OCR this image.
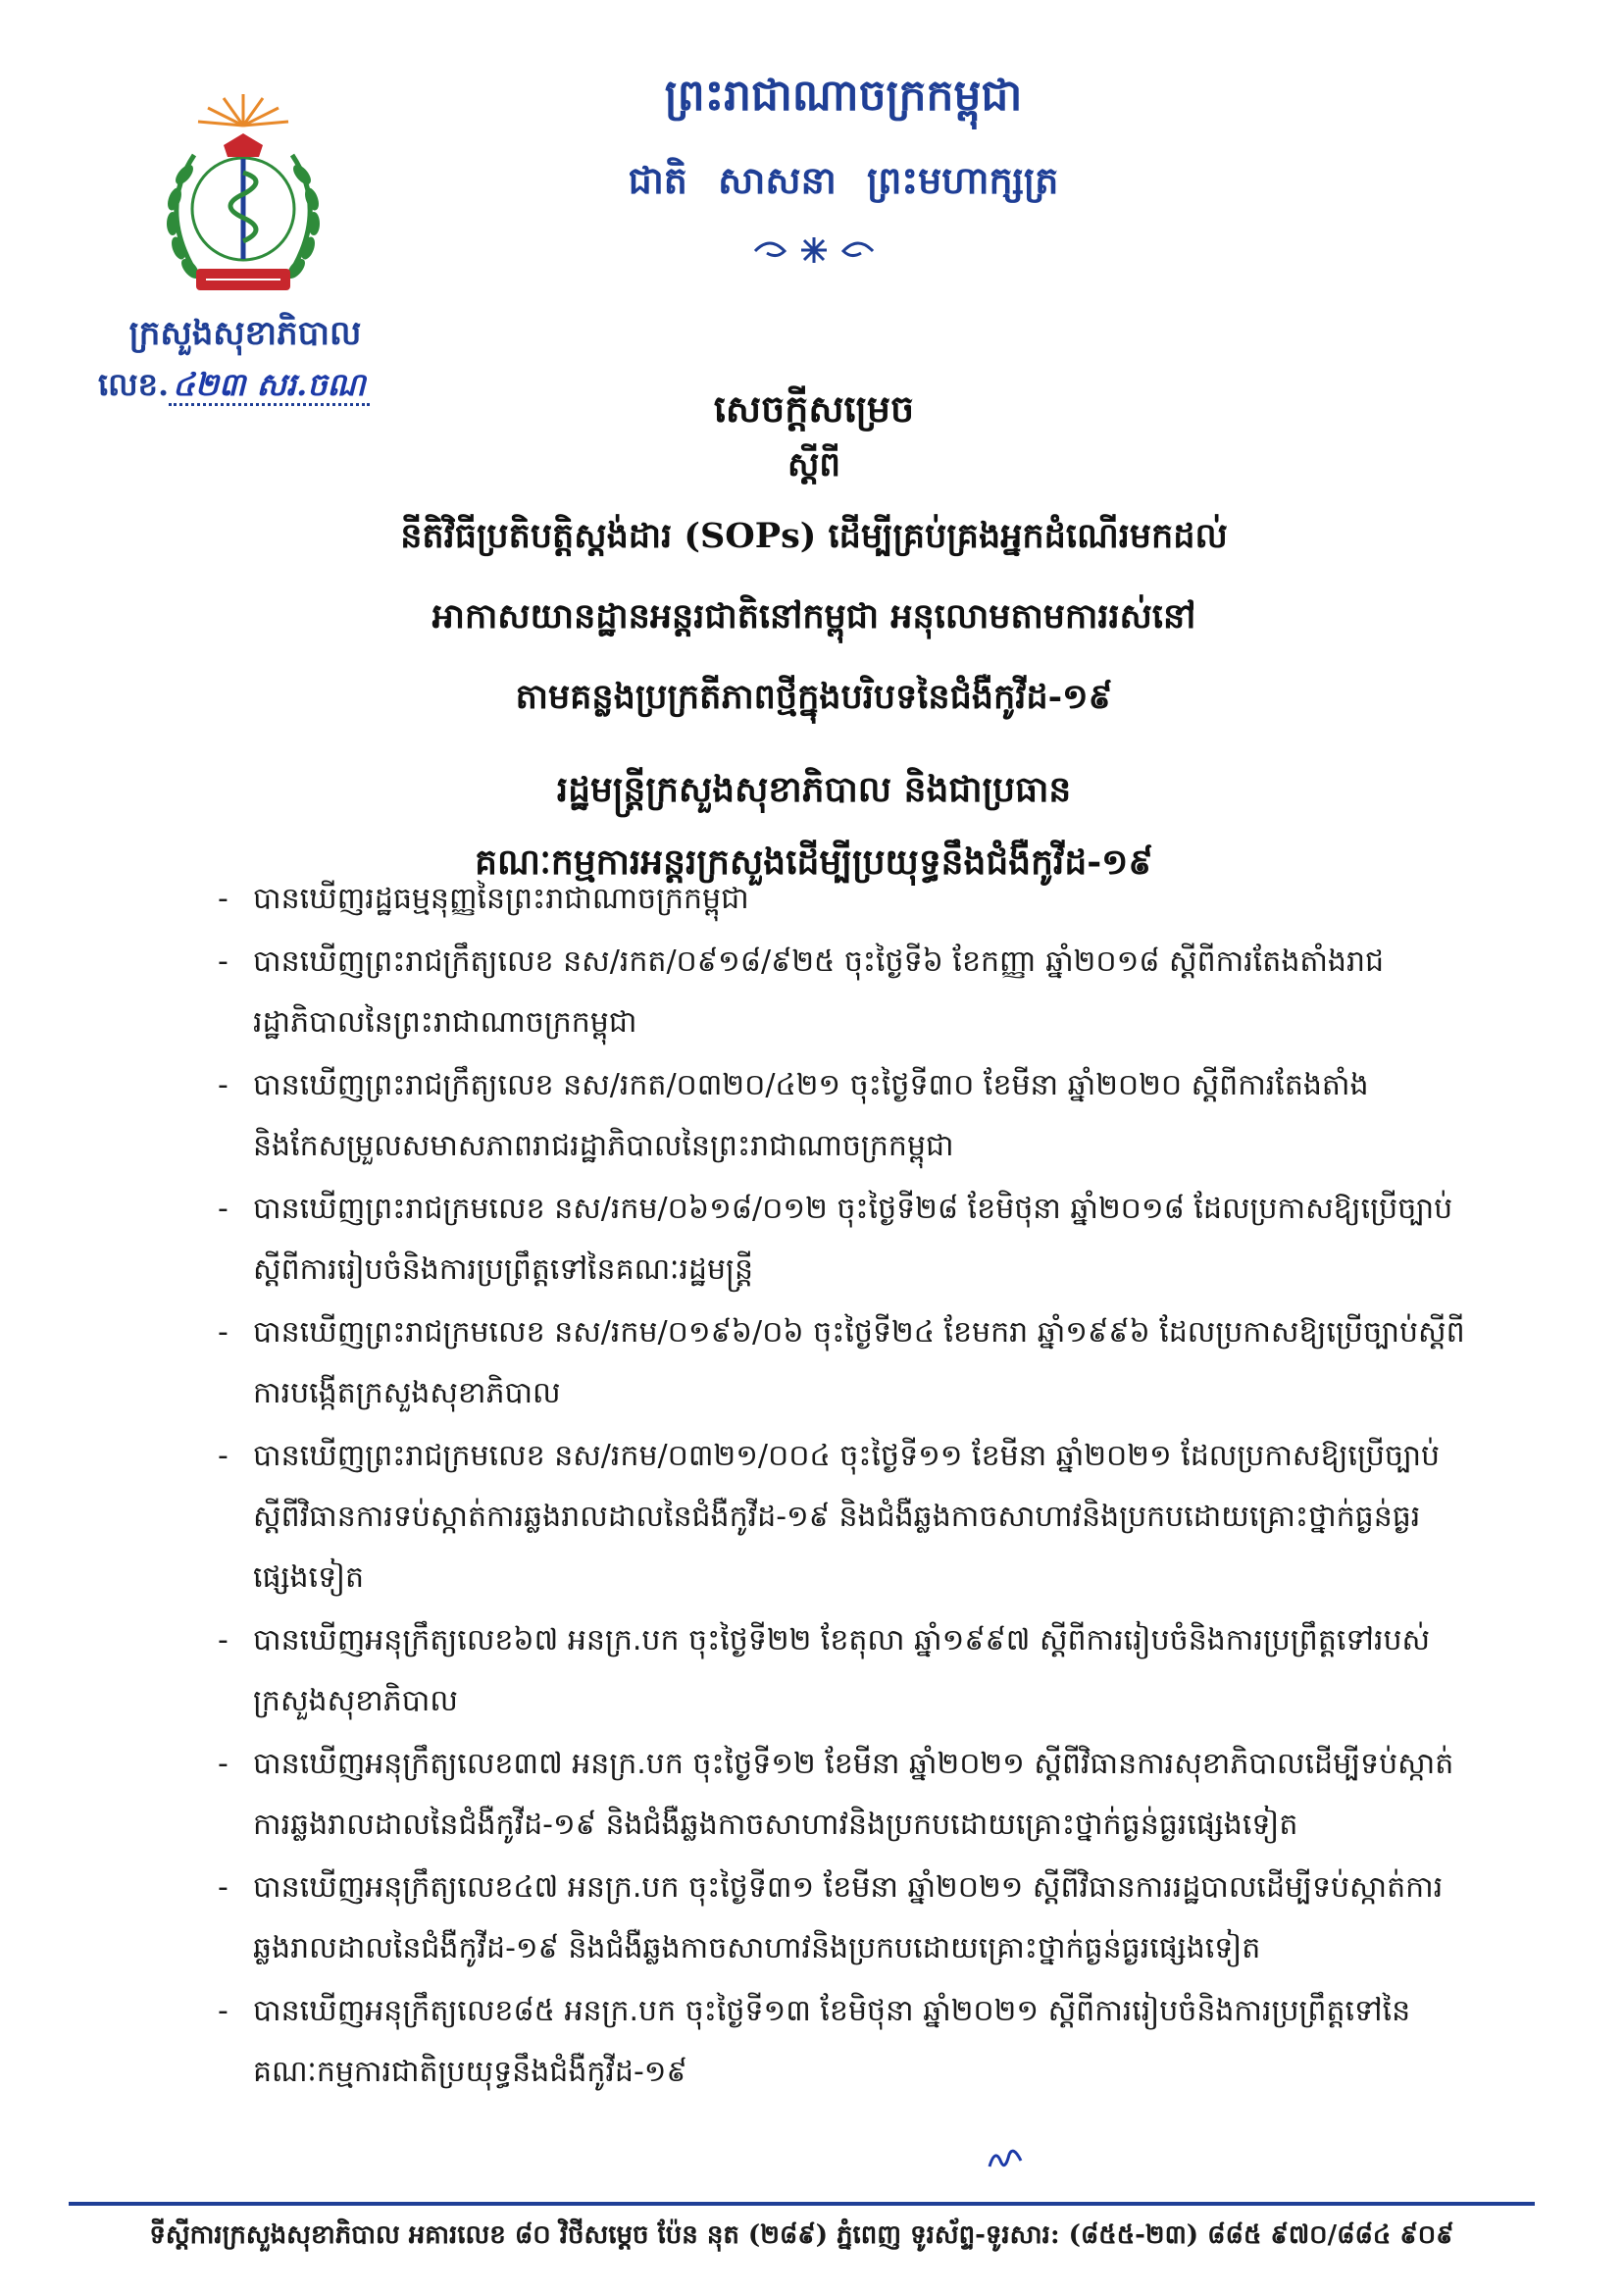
ក្រសួងសុខាភិបាល
លេខ. ៤២៣ សរ.ចណ
ព្រះរាជាណាចក្រកម្ពុជា
ជាតិ សាសនា ព្រះមហាក្សត្រ
សេចក្តីសម្រេច
ស្តីពី
នីតិវិធីប្រតិបត្តិស្តង់ដារ (SOPs) ដើម្បីគ្រប់គ្រងអ្នកដំណើរមកដល់
អាកាសយានដ្ឋានអន្តរជាតិនៅកម្ពុជា អនុលោមតាមការរស់នៅ
តាមគន្លងប្រក្រតីភាពថ្មីក្នុងបរិបទនៃជំងឺកូវីដ-១៩
រដ្ឋមន្ត្រីក្រសួងសុខាភិបាល និងជាប្រធាន
គណៈកម្មការអន្តរក្រសួងដើម្បីប្រយុទ្ធនឹងជំងឺកូវីដ-១៩
- បានឃើញរដ្ឋធម្មនុញ្ញនៃព្រះរាជាណាចក្រកម្ពុជា
- បានឃើញព្រះរាជក្រឹត្យលេខ នស/រកត/០៩១៨/៩២៥ ចុះថ្ងៃទី៦ ខែកញ្ញា ឆ្នាំ២០១៨ ស្តីពីការតែងតាំងរាជរដ្ឋាភិបាលនៃព្រះរាជាណាចក្រកម្ពុជា
- បានឃើញព្រះរាជក្រឹត្យលេខ នស/រកត/០៣២០/៤២១ ចុះថ្ងៃទី៣០ ខែមីនា ឆ្នាំ២០២០ ស្តីពីការតែងតាំងនិងកែសម្រួលសមាសភាពរាជរដ្ឋាភិបាលនៃព្រះរាជាណាចក្រកម្ពុជា
- បានឃើញព្រះរាជក្រមលេខ នស/រកម/០៦១៨/០១២ ចុះថ្ងៃទី២៨ ខែមិថុនា ឆ្នាំ២០១៨ ដែលប្រកាសឱ្យប្រើច្បាប់ស្តីពីការរៀបចំនិងការប្រព្រឹត្តទៅនៃគណៈរដ្ឋមន្ត្រី
- បានឃើញព្រះរាជក្រមលេខ នស/រកម/០១៩៦/០៦ ចុះថ្ងៃទី២៤ ខែមករា ឆ្នាំ១៩៩៦ ដែលប្រកាសឱ្យប្រើច្បាប់ស្តីពីការបង្កើតក្រសួងសុខាភិបាល
- បានឃើញព្រះរាជក្រមលេខ នស/រកម/០៣២១/០០៤ ចុះថ្ងៃទី១១ ខែមីនា ឆ្នាំ២០២១ ដែលប្រកាសឱ្យប្រើច្បាប់ស្តីពីវិធានការទប់ស្កាត់ការឆ្លងរាលដាលនៃជំងឺកូវីដ-១៩ និងជំងឺឆ្លងកាចសាហាវនិងប្រកបដោយគ្រោះថ្នាក់ធ្ងន់ធ្ងរផ្សេងទៀត
- បានឃើញអនុក្រឹត្យលេខ៦៧ អនក្រ.បក ចុះថ្ងៃទី២២ ខែតុលា ឆ្នាំ១៩៩៧ ស្តីពីការរៀបចំនិងការប្រព្រឹត្តទៅរបស់ក្រសួងសុខាភិបាល
- បានឃើញអនុក្រឹត្យលេខ៣៧ អនក្រ.បក ចុះថ្ងៃទី១២ ខែមីនា ឆ្នាំ២០២១ ស្តីពីវិធានការសុខាភិបាលដើម្បីទប់ស្កាត់ការឆ្លងរាលដាលនៃជំងឺកូវីដ-១៩ និងជំងឺឆ្លងកាចសាហាវនិងប្រកបដោយគ្រោះថ្នាក់ធ្ងន់ធ្ងរផ្សេងទៀត
- បានឃើញអនុក្រឹត្យលេខ៤៧ អនក្រ.បក ចុះថ្ងៃទី៣១ ខែមីនា ឆ្នាំ២០២១ ស្តីពីវិធានការរដ្ឋបាលដើម្បីទប់ស្កាត់ការឆ្លងរាលដាលនៃជំងឺកូវីដ-១៩ និងជំងឺឆ្លងកាចសាហាវនិងប្រកបដោយគ្រោះថ្នាក់ធ្ងន់ធ្ងរផ្សេងទៀត
- បានឃើញអនុក្រឹត្យលេខ៨៥ អនក្រ.បក ចុះថ្ងៃទី១៣ ខែមិថុនា ឆ្នាំ២០២១ ស្តីពីការរៀបចំនិងការប្រព្រឹត្តទៅនៃគណៈកម្មការជាតិប្រយុទ្ធនឹងជំងឺកូវីដ-១៩
ទីស្តីការក្រសួងសុខាភិបាល អគារលេខ ៨០ វិថីសម្តេច ប៉ែន នុត (២៨៩) ភ្នំពេញ ទូរស័ព្ទ-ទូរសារ: (៨៥៥-២៣) ៨៨៥ ៩៧០/៨៨៤ ៩០៩
